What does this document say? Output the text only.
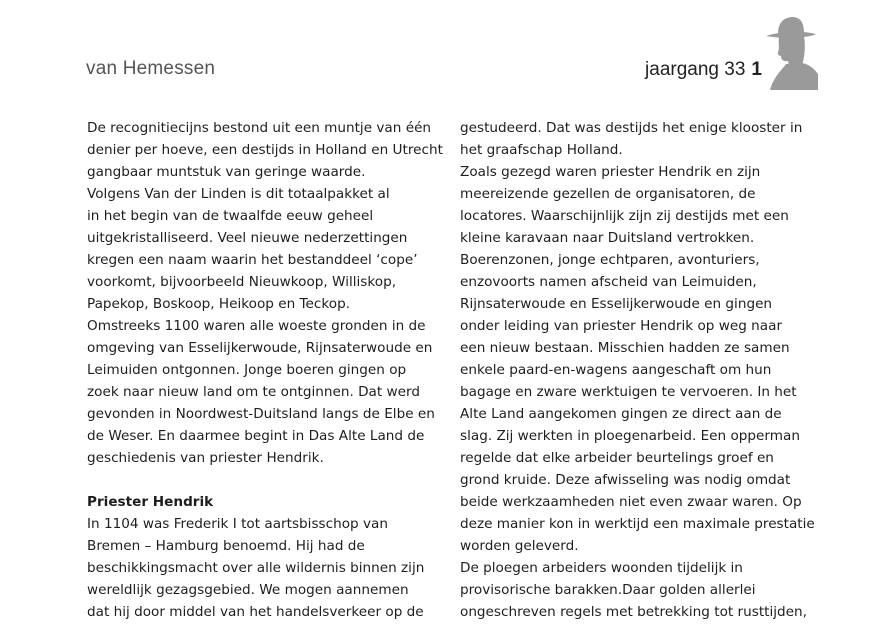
van Hemessen	jaargang 33 1
De recognitiecijns bestond uit een muntje van één
denier per hoeve, een destijds in Holland en Utrecht
gangbaar muntstuk van geringe waarde.
Volgens Van der Linden is dit totaalpakket al
in het begin van de twaalfde eeuw geheel
uitgekristalliseerd. Veel nieuwe nederzettingen
kregen een naam waarin het bestanddeel ‘cope’
voorkomt, bijvoorbeeld Nieuwkoop, Williskop,
Papekop, Boskoop, Heikoop en Teckop.
Omstreeks 1100 waren alle woeste gronden in de
omgeving van Esselijkerwoude, Rijnsaterwoude en
Leimuiden ontgonnen. Jonge boeren gingen op
zoek naar nieuw land om te ontginnen. Dat werd
gevonden in Noordwest-Duitsland langs de Elbe en
de Weser. En daarmee begint in Das Alte Land de
geschiedenis van priester Hendrik.
Priester Hendrik
In 1104 was Frederik I tot aartsbisschop van
Bremen – Hamburg benoemd. Hij had de
beschikkingsmacht over alle wildernis binnen zijn
wereldlijk gezagsgebied. We mogen aannemen
dat hij door middel van het handelsverkeer op de
gestudeerd. Dat was destijds het enige klooster in
het graafschap Holland.
Zoals gezegd waren priester Hendrik en zijn
meereizende gezellen de organisatoren, de
locatores. Waarschijnlijk zijn zij destijds met een
kleine karavaan naar Duitsland vertrokken.
Boerenzonen, jonge echtparen, avonturiers,
enzovoorts namen afscheid van Leimuiden,
Rijnsaterwoude en Esselijkerwoude en gingen
onder leiding van priester Hendrik op weg naar
een nieuw bestaan. Misschien hadden ze samen
enkele paard-en-wagens aangeschaft om hun
bagage en zware werktuigen te vervoeren. In het
Alte Land aangekomen gingen ze direct aan de
slag. Zij werkten in ploegenarbeid. Een opperman
regelde dat elke arbeider beurtelings groef en
grond kruide. Deze afwisseling was nodig omdat
beide werkzaamheden niet even zwaar waren. Op
deze manier kon in werktijd een maximale prestatie
worden geleverd.
De ploegen arbeiders woonden tijdelijk in
provisorische barakken.Daar golden allerlei
ongeschreven regels met betrekking tot rusttijden,
